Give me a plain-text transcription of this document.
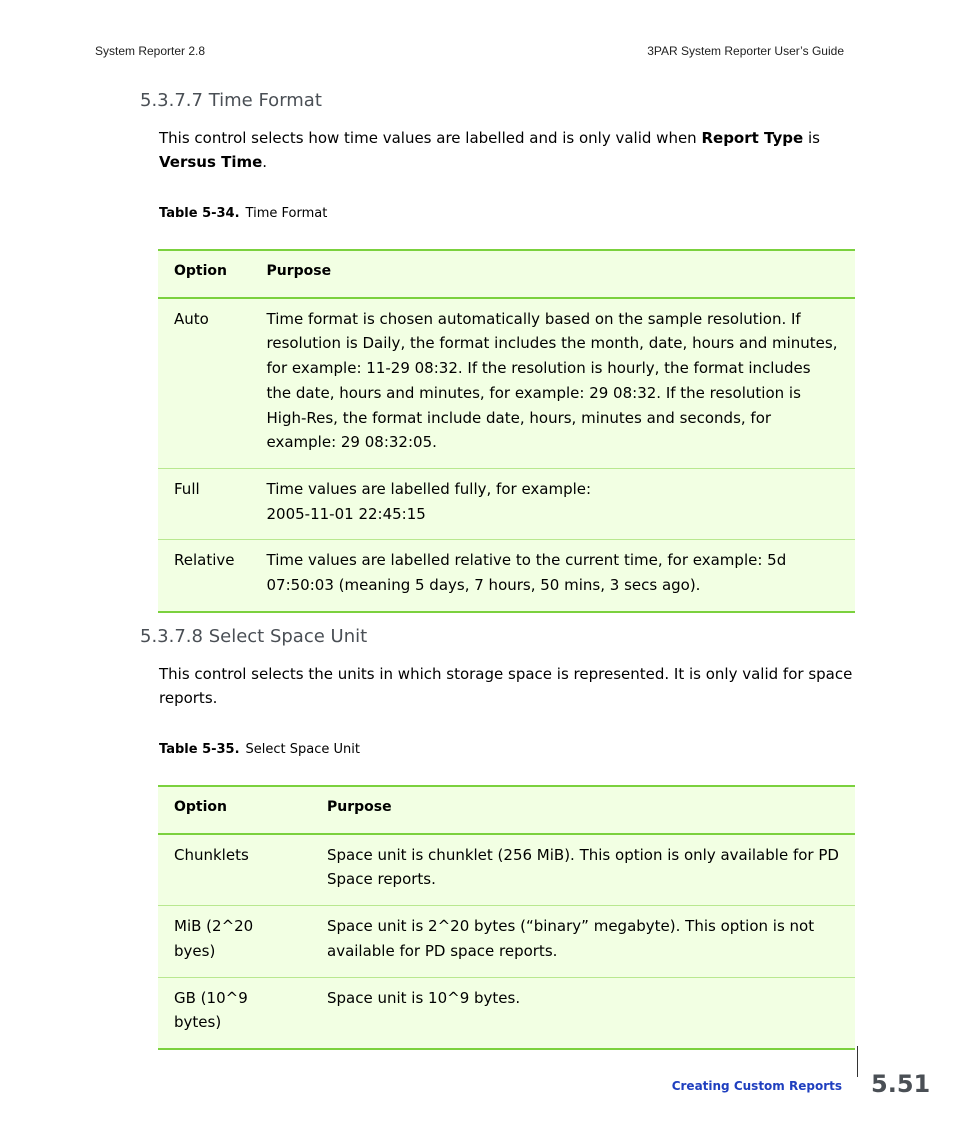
System Reporter 2.8	3PAR System Reporter User’s Guide
5.3.7.7 Time Format
This control selects how time values are labelled and is only valid when Report Type is Versus Time.
Table 5-34. Time Format
Option	Purpose
Auto	Time format is chosen automatically based on the sample resolution. If resolution is Daily, the format includes the month, date, hours and minutes, for example: 11-29 08:32. If the resolution is hourly, the format includes the date, hours and minutes, for example: 29 08:32. If the resolution is High-Res, the format include date, hours, minutes and seconds, for example: 29 08:32:05.
Full	Time values are labelled fully, for example:
2005-11-01 22:45:15

Relative	Time values are labelled relative to the current time, for example: 5d 07:50:03 (meaning 5 days, 7 hours, 50 mins, 3 secs ago).
5.3.7.8 Select Space Unit
This control selects the units in which storage space is represented. It is only valid for space reports.
Table 5-35. Select Space Unit
Option	Purpose
Chunklets	Space unit is chunklet (256 MiB). This option is only available for PD Space reports.
MiB (2^20 byes)	Space unit is 2^20 bytes (“binary” megabyte). This option is not available for PD space reports.
GB (10^9 bytes)	Space unit is 10^9 bytes.
Creating Custom Reports 5.51
